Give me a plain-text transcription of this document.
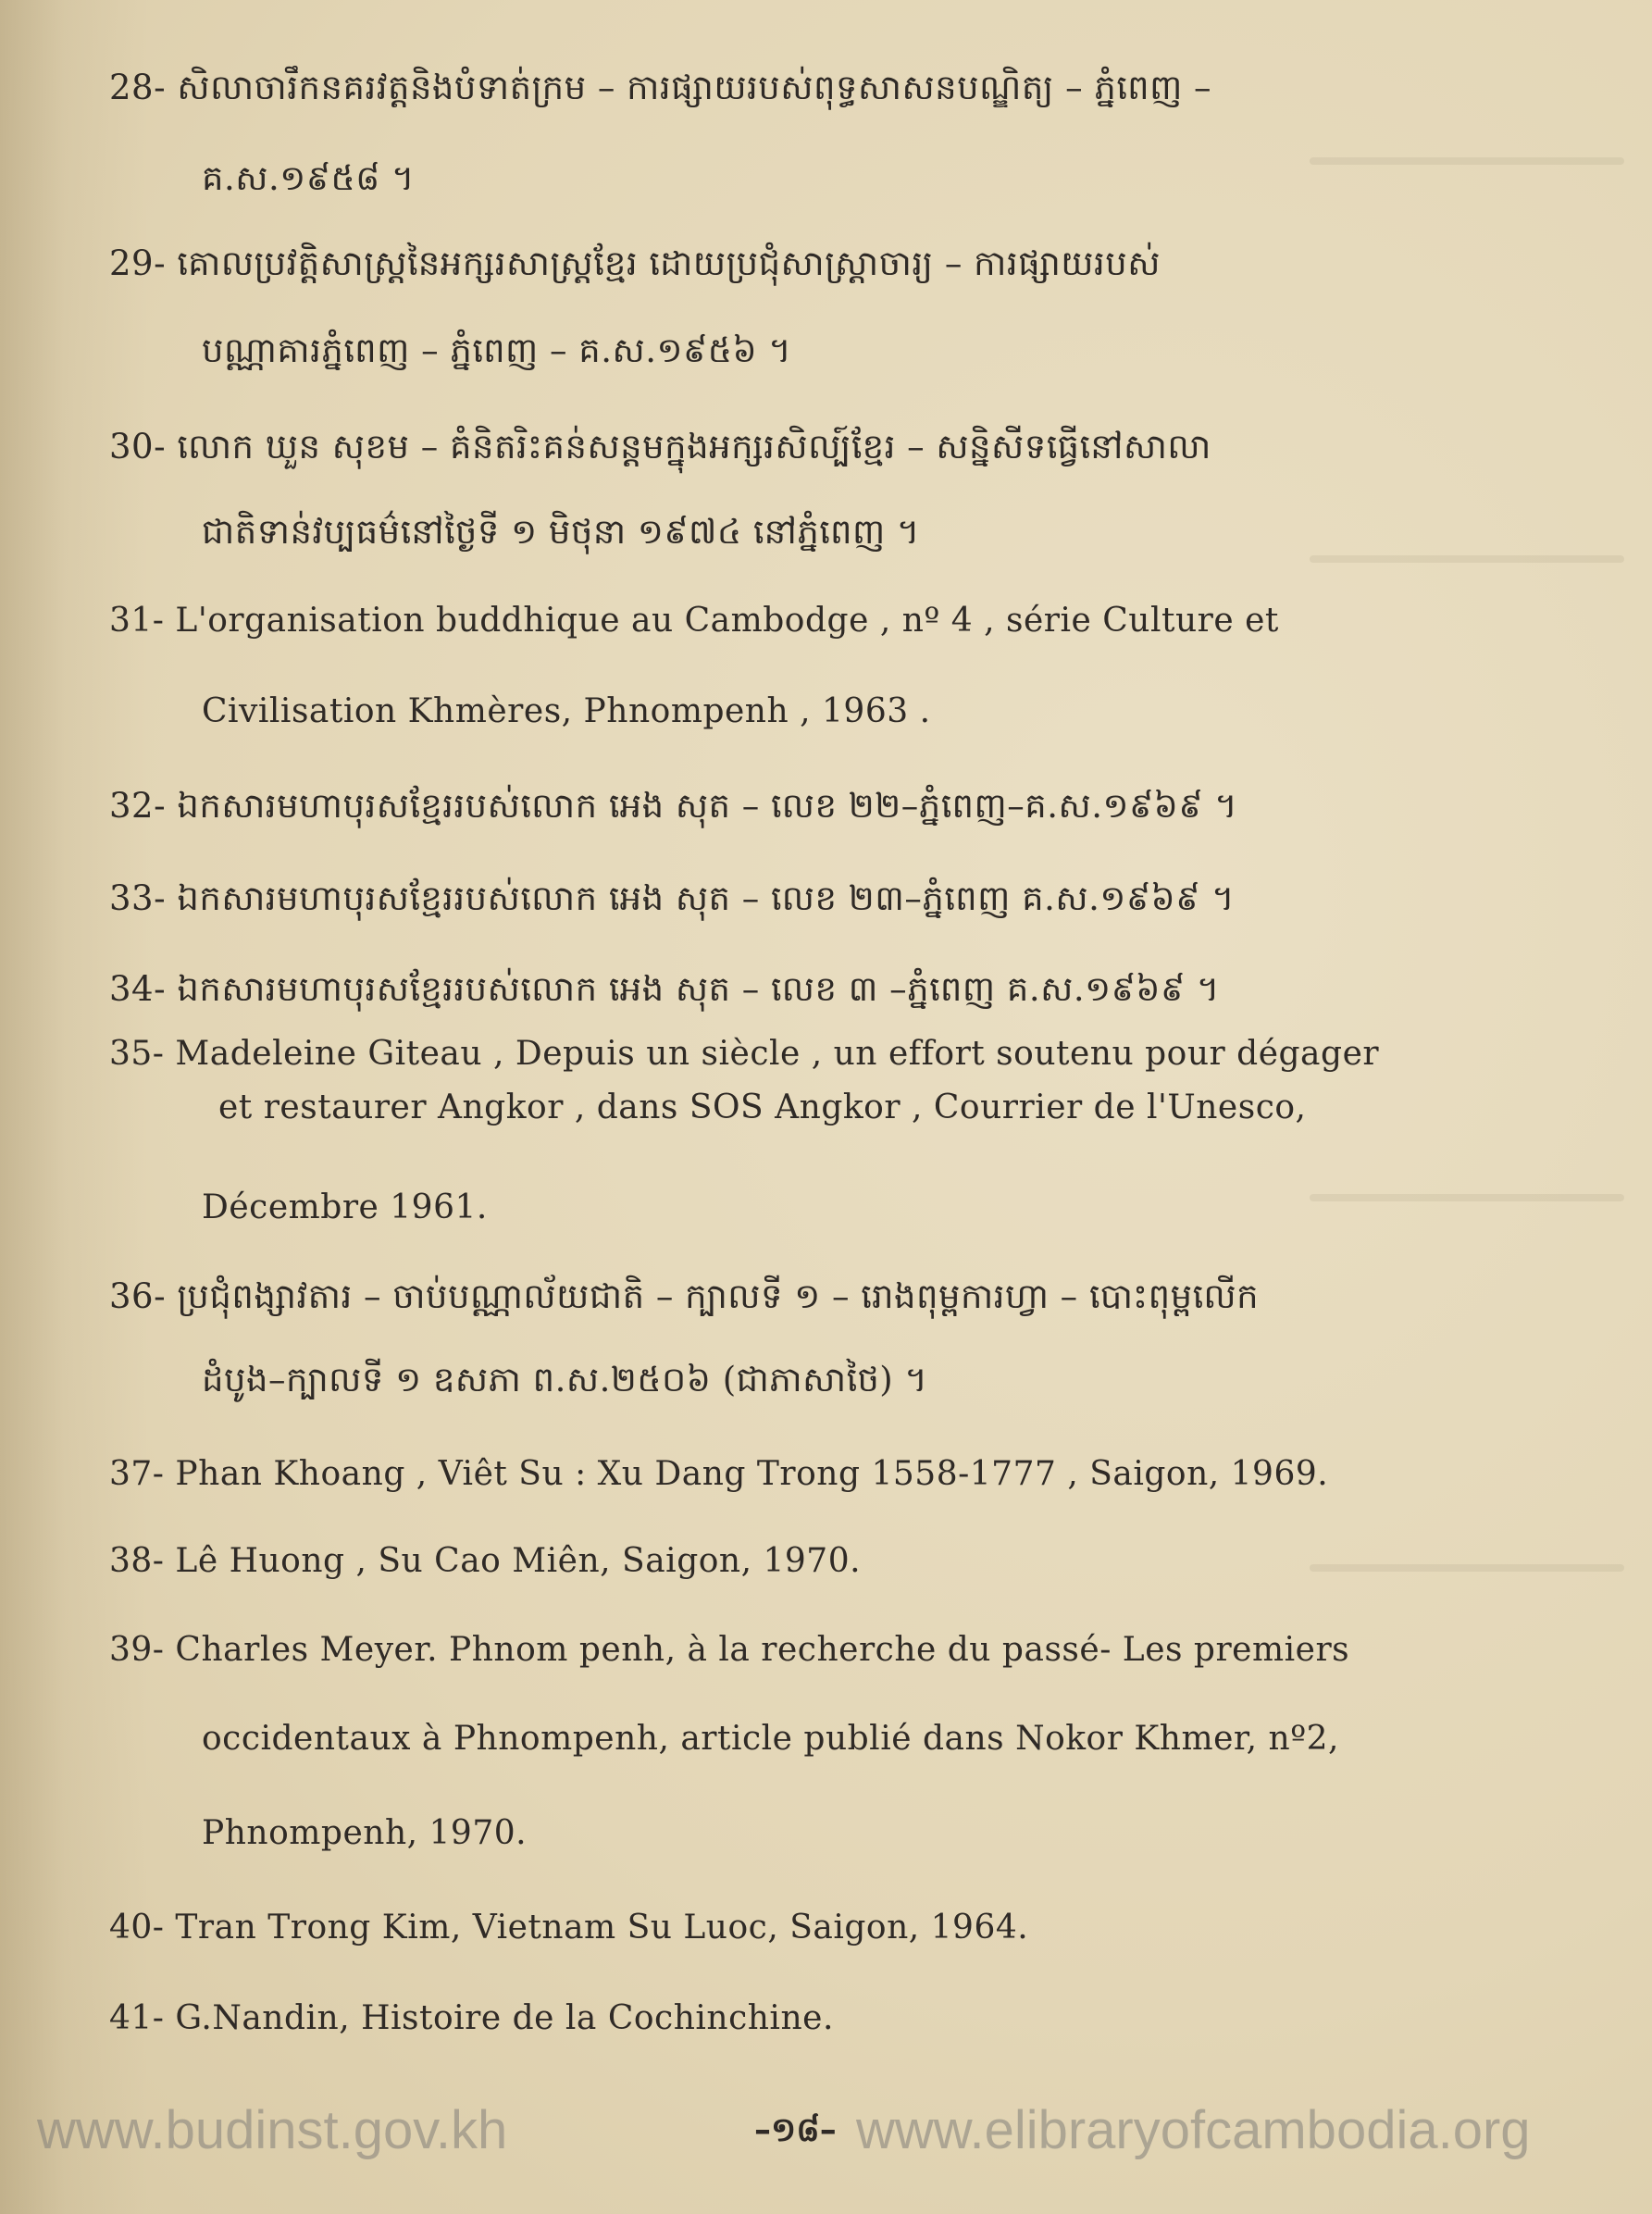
28- សិលាចារឹកនគរវត្តនិងបំទាត់ក្រម – ការផ្សាយរបស់ពុទ្ធសាសនបណ្ឌិត្យ – ភ្នំពេញ –
គ.ស.១៩៥៨ ។
29- គោលប្រវត្តិសាស្ត្រនៃអក្សរសាស្ត្រខ្មែរ ដោយប្រជុំសាស្ត្រាចារ្យ – ការផ្សាយរបស់
បណ្ណាគារភ្នំពេញ – ភ្នំពេញ – គ.ស.១៩៥៦ ។
30- លោក ឃួន សុខម – គំនិតរិះគន់សន្តមក្នុងអក្សរសិល្ប៍ខ្មែរ – សន្និសីទធ្វើនៅសាលា
ជាតិទាន់វប្បធម៌នៅថ្ងៃទី ១ មិថុនា ១៩៧៤ នៅភ្នំពេញ ។
31- L'organisation buddhique au Cambodge , nº 4 , série Culture et
Civilisation Khmères, Phnompenh , 1963 .
32- ឯកសារមហាបុរសខ្មែររបស់លោក អេង សុត – លេខ ២២–ភ្នំពេញ–គ.ស.១៩៦៩ ។
33- ឯកសារមហាបុរសខ្មែររបស់លោក អេង សុត – លេខ ២៣–ភ្នំពេញ គ.ស.១៩៦៩ ។
34- ឯកសារមហាបុរសខ្មែររបស់លោក អេង សុត – លេខ ៣ –ភ្នំពេញ គ.ស.១៩៦៩ ។
35- Madeleine Giteau , Depuis un siècle , un effort soutenu pour dégager
et restaurer Angkor , dans SOS Angkor , Courrier de l'Unesco,
Décembre 1961.
36- ប្រជុំពង្សាវតារ – ចាប់បណ្ណាល័យជាតិ – ក្បាលទី ១ – រោងពុម្ពការហ្វា – បោះពុម្ពលើក
ដំបូង–ក្បាលទី ១ ឧសភា ព.ស.២៥០៦ (ជាភាសាថៃ) ។
37- Phan Khoang , Viêt Su : Xu Dang Trong 1558-1777 , Saigon, 1969.
38- Lê Huong , Su Cao Miên, Saigon, 1970.
39- Charles Meyer. Phnom penh, à la recherche du passé- Les premiers
occidentaux à Phnompenh, article publié dans Nokor Khmer, nº2,
Phnompenh, 1970.
40- Tran Trong Kim, Vietnam Su Luoc, Saigon, 1964.
41- G.Nandin, Histoire de la Cochinchine.
www.budinst.gov.kh	–១៨– www.elibraryofcambodia.org
